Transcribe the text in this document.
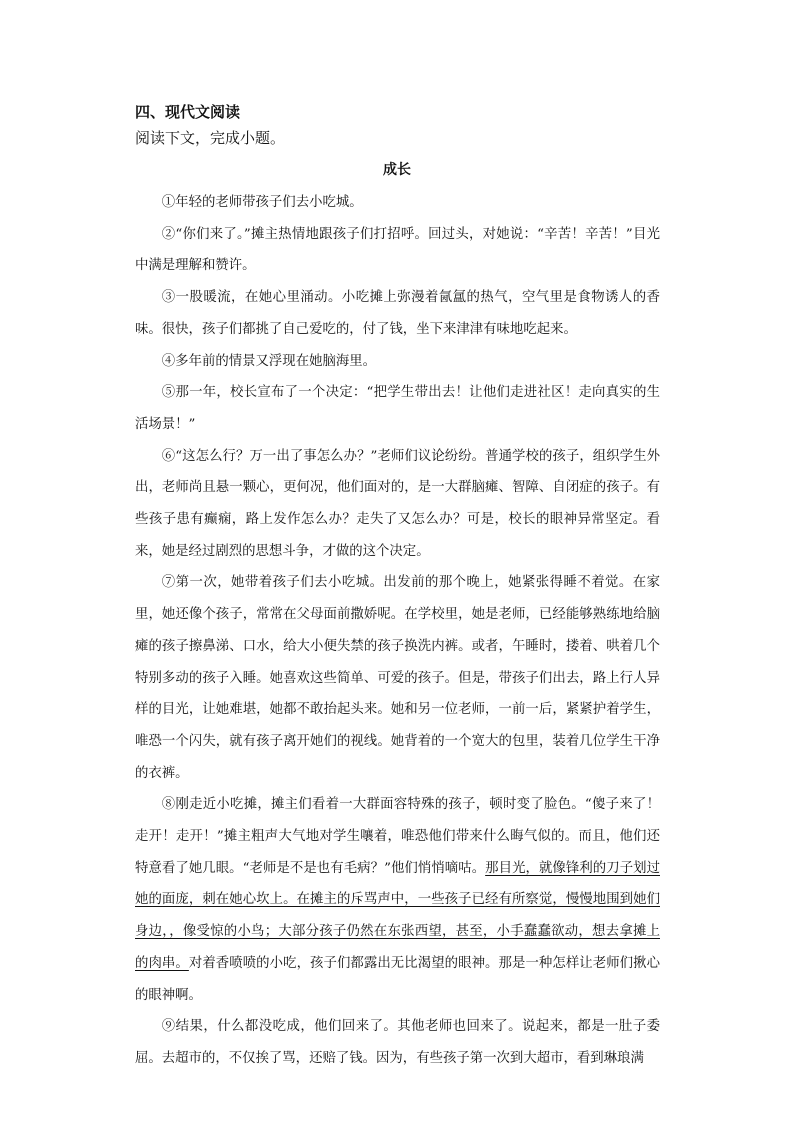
四、现代文阅读

阅读下文，完成小题。

成长

①年轻的老师带孩子们去小吃城。

②“你们来了。”摊主热情地跟孩子们打招呼。回过头，对她说：“辛苦！辛苦！”目光中满是理解和赞许。

③一股暖流，在她心里涌动。小吃摊上弥漫着氤氲的热气，空气里是食物诱人的香味。很快，孩子们都挑了自己爱吃的，付了钱，坐下来津津有味地吃起来。

④多年前的情景又浮现在她脑海里。

⑤那一年，校长宣布了一个决定：“把学生带出去！让他们走进社区！走向真实的生活场景！”

⑥“这怎么行？万一出了事怎么办？”老师们议论纷纷。普通学校的孩子，组织学生外出，老师尚且悬一颗心，更何况，他们面对的，是一大群脑瘫、智障、自闭症的孩子。有些孩子患有癫痫，路上发作怎么办？走失了又怎么办？可是，校长的眼神异常坚定。看来，她是经过剧烈的思想斗争，才做的这个决定。

⑦第一次，她带着孩子们去小吃城。出发前的那个晚上，她紧张得睡不着觉。在家里，她还像个孩子，常常在父母面前撒娇呢。在学校里，她是老师，已经能够熟练地给脑瘫的孩子擦鼻涕、口水，给大小便失禁的孩子换洗内裤。或者，午睡时，搂着、哄着几个特别多动的孩子入睡。她喜欢这些简单、可爱的孩子。但是，带孩子们出去，路上行人异样的目光，让她难堪，她都不敢抬起头来。她和另一位老师，一前一后，紧紧护着学生，唯恐一个闪失，就有孩子离开她们的视线。她背着的一个宽大的包里，装着几位学生干净的衣裤。

⑧刚走近小吃摊，摊主们看着一大群面容特殊的孩子，顿时变了脸色。“傻子来了！走开！走开！”摊主粗声大气地对学生嚷着，唯恐他们带来什么晦气似的。而且，他们还特意看了她几眼。“老师是不是也有毛病？”他们悄悄嘀咕。那目光，就像锋利的刀子划过她的面庞，刺在她心坎上。在摊主的斥骂声中，一些孩子已经有所察觉，慢慢地围到她们身边，，像受惊的小鸟；大部分孩子仍然在东张西望，甚至，小手蠢蠢欲动，想去拿摊上的肉串。对着香喷喷的小吃，孩子们都露出无比渴望的眼神。那是一种怎样让老师们揪心的眼神啊。

⑨结果，什么都没吃成，他们回来了。其他老师也回来了。说起来，都是一肚子委屈。去超市的，不仅挨了骂，还赔了钱。因为，有些孩子第一次到大超市，看到琳琅满
